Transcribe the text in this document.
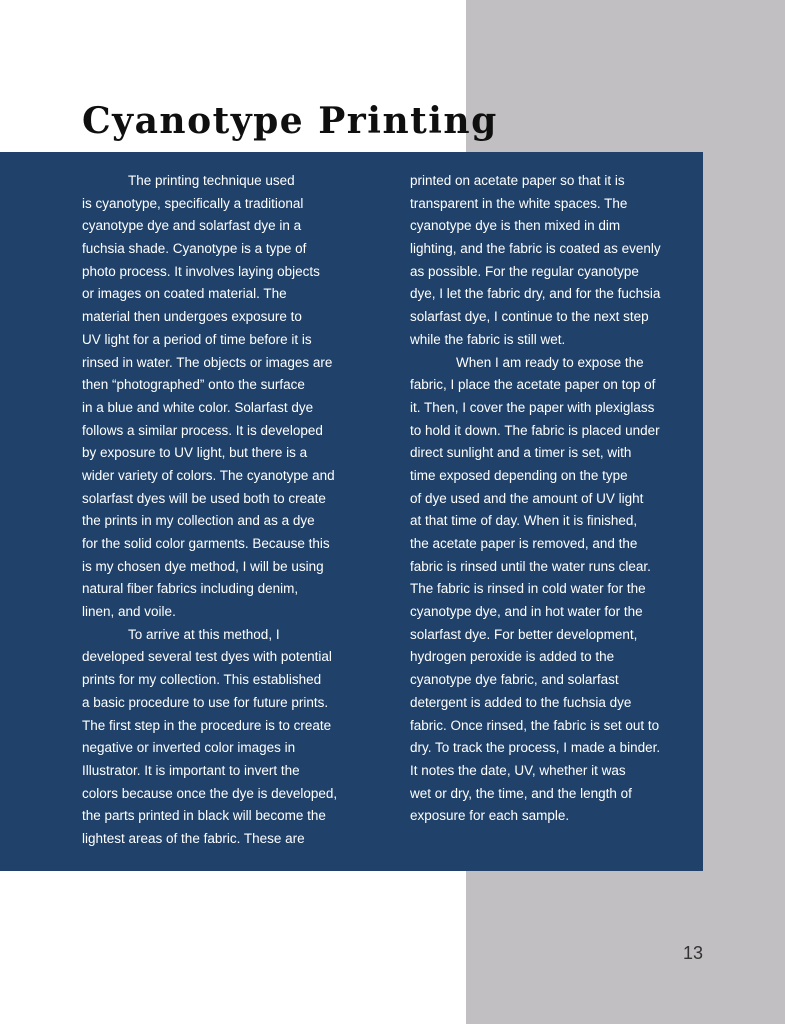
Cyanotype Printing
The printing technique used
is cyanotype, specifically a traditional
cyanotype dye and solarfast dye in a
fuchsia shade. Cyanotype is a type of
photo process. It involves laying objects
or images on coated material. The
material then undergoes exposure to
UV light for a period of time before it is
rinsed in water. The objects or images are
then “photographed” onto the surface
in a blue and white color. Solarfast dye
follows a similar process. It is developed
by exposure to UV light, but there is a
wider variety of colors. The cyanotype and
solarfast dyes will be used both to create
the prints in my collection and as a dye
for the solid color garments. Because this
is my chosen dye method, I will be using
natural fiber fabrics including denim,
linen, and voile.
To arrive at this method, I
developed several test dyes with potential
prints for my collection. This established
a basic procedure to use for future prints.
The first step in the procedure is to create
negative or inverted color images in
Illustrator. It is important to invert the
colors because once the dye is developed,
the parts printed in black will become the
lightest areas of the fabric. These are
printed on acetate paper so that it is
transparent in the white spaces. The
cyanotype dye is then mixed in dim
lighting, and the fabric is coated as evenly
as possible. For the regular cyanotype
dye, I let the fabric dry, and for the fuchsia
solarfast dye, I continue to the next step
while the fabric is still wet.
When I am ready to expose the
fabric, I place the acetate paper on top of
it. Then, I cover the paper with plexiglass
to hold it down. The fabric is placed under
direct sunlight and a timer is set, with
time exposed depending on the type
of dye used and the amount of UV light
at that time of day. When it is finished,
the acetate paper is removed, and the
fabric is rinsed until the water runs clear.
The fabric is rinsed in cold water for the
cyanotype dye, and in hot water for the
solarfast dye. For better development,
hydrogen peroxide is added to the
cyanotype dye fabric, and solarfast
detergent is added to the fuchsia dye
fabric. Once rinsed, the fabric is set out to
dry. To track the process, I made a binder.
It notes the date, UV, whether it was
wet or dry, the time, and the length of
exposure for each sample.
13
